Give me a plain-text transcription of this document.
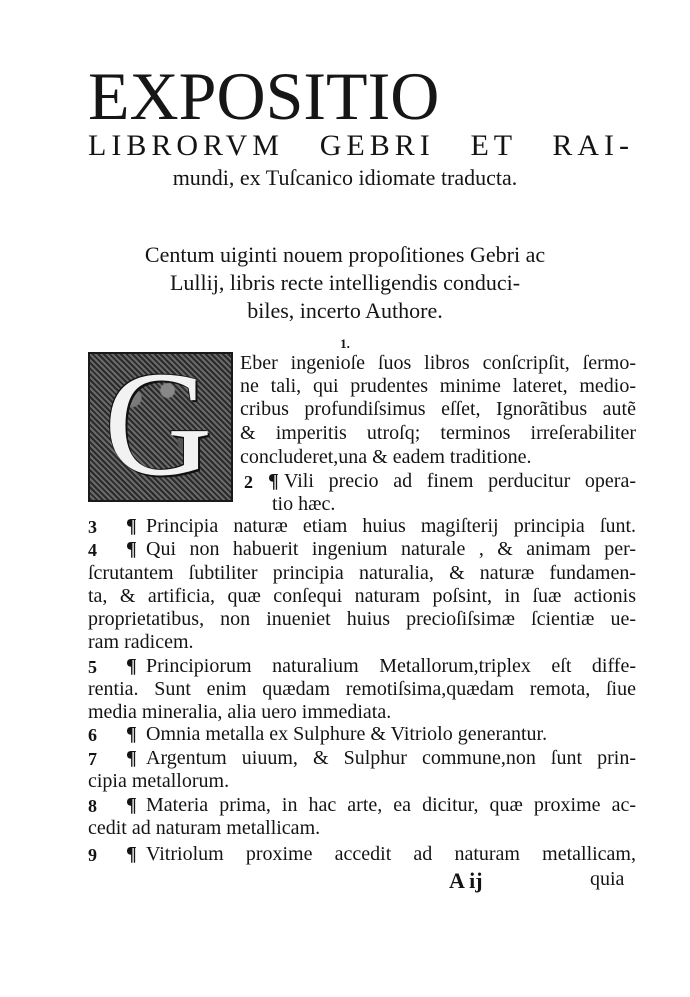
EXPOSITIO
LIBRORVM GEBRI ET RAI-
mundi, ex Tuſcanico idiomate traducta.
Centum uiginti nouem propoſitiones Gebri ac
Lullij, libris recte intelligendis conduci-
biles, incerto Authore.
1.
G Eber ingenioſe ſuos libros conſcripſit, ſermo-
ne tali, qui prudentes minime lateret, medio-
cribus profundiſsimus eſſet, Ignorãtibus autẽ
& imperitis utroſq; terminos irreſerabiliter
concluderet,una & eadem traditione.
2 ¶ Vili precio ad finem perducitur opera-
tio hæc.
3 ¶ Principia naturæ etiam huius magiſterij principia ſunt.
4 ¶ Qui non habuerit ingenium naturale , & animam per-
ſcrutantem ſubtiliter principia naturalia, & naturæ fundamen-
ta, & artificia, quæ conſequi naturam poſsint, in ſuæ actionis
proprietatibus, non inueniet huius precioſiſsimæ ſcientiæ ue-
ram radicem.
5 ¶ Principiorum naturalium Metallorum,triplex eſt diffe-
rentia. Sunt enim quædam remotiſsima,quædam remota, ſiue
media mineralia, alia uero immediata.
6 ¶ Omnia metalla ex Sulphure & Vitriolo generantur.
7 ¶ Argentum uiuum, & Sulphur commune,non ſunt prin-
cipia metallorum.
8 ¶ Materia prima, in hac arte, ea dicitur, quæ proxime ac-
cedit ad naturam metallicam.
9 ¶ Vitriolum proxime accedit ad naturam metallicam,
A ij	quia
